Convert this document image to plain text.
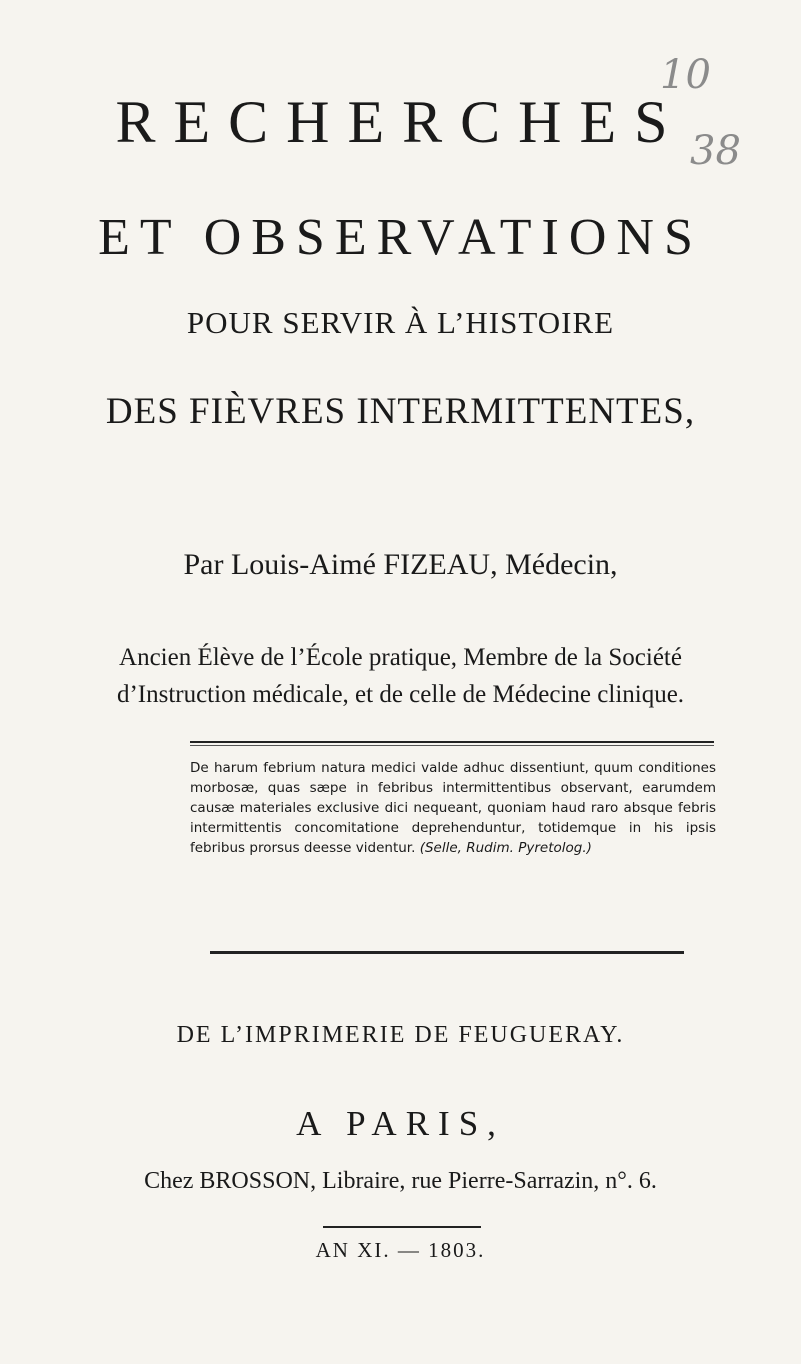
10
38
RECHERCHES
ET OBSERVATIONS
POUR SERVIR À L’HISTOIRE
DES FIÈVRES INTERMITTENTES,
Par Louis-Aimé FIZEAU, Médecin,
Ancien Élève de l’École pratique, Membre de la Société
d’Instruction médicale, et de celle de Médecine clinique.
De harum febrium natura medici valde adhuc dissentiunt, quum conditiones morbosæ, quas sæpe in febribus intermittentibus observant, earumdem causæ materiales exclusive dici nequeant, quoniam haud raro absque febris intermittentis concomitatione deprehenduntur, totidemque in his ipsis febribus prorsus deesse videntur. (Selle, Rudim. Pyretolog.)
DE L’IMPRIMERIE DE FEUGUERAY.
A PARIS,
Chez BROSSON, Libraire, rue Pierre-Sarrazin, n°. 6.
AN XI. — 1803.
